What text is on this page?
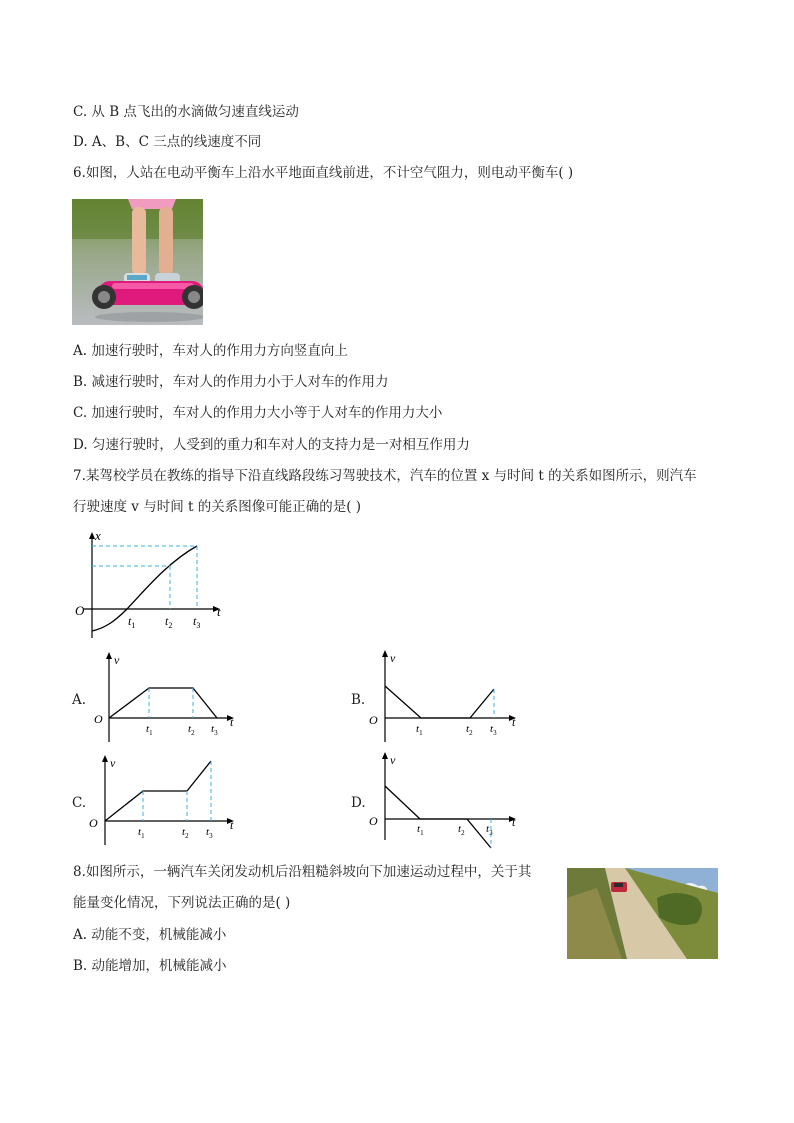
C. 从 B 点飞出的水滴做匀速直线运动
D. A、B、C 三点的线速度不同
6.如图，人站在电动平衡车上沿水平地面直线前进，不计空气阻力，则电动平衡车( )
A. 加速行驶时，车对人的作用力方向竖直向上
B. 减速行驶时，车对人的作用力小于人对车的作用力
C. 加速行驶时，车对人的作用力大小等于人对车的作用力大小
D. 匀速行驶时，人受到的重力和车对人的支持力是一对相互作用力
7.某驾校学员在教练的指导下沿直线路段练习驾驶技术，汽车的位置 x 与时间 t 的关系如图所示，则汽车
行驶速度 v 与时间 t 的关系图像可能正确的是( )
x
t
O
$t_1$ $t_2$ $t_3$
A.
v
t
O
$t_1$	$t_2$ $t_3$
B.
v
t
O
$t_1$	$t_2$ $t_3$
C.
v
t
O
$t_1$	$t_2$ $t_3$
D.
v
t
O
$t_1$	$t_2$ $t_3$
8.如图所示，一辆汽车关闭发动机后沿粗糙斜坡向下加速运动过程中，关于其
能量变化情况，下列说法正确的是( )
A. 动能不变，机械能减小
B. 动能增加，机械能减小
